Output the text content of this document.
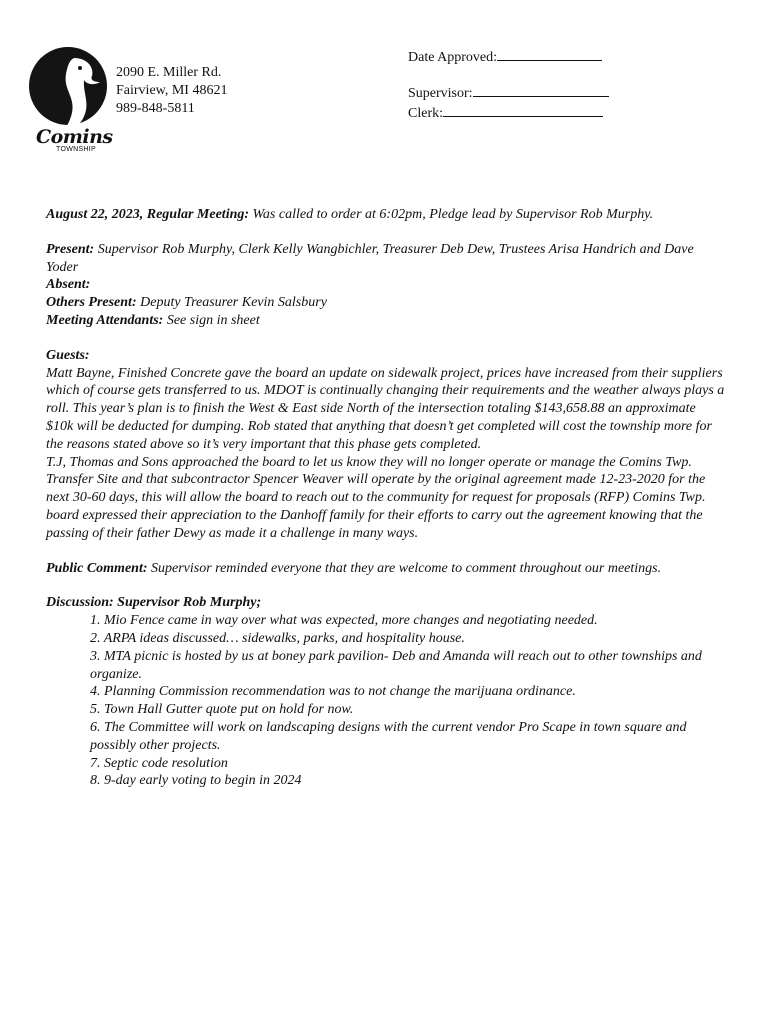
Comins
TOWNSHIP
2090 E. Miller Rd.
Fairview, MI 48621
989-848-5811
Date Approved:
Supervisor:
Clerk:

August 22, 2023, Regular Meeting: Was called to order at 6:02pm, Pledge lead by Supervisor Rob Murphy.

Present: Supervisor Rob Murphy, Clerk Kelly Wangbichler, Treasurer Deb Dew, Trustees Arisa Handrich and Dave Yoder
Absent:
Others Present: Deputy Treasurer Kevin Salsbury
Meeting Attendants: See sign in sheet
Guests:
Matt Bayne, Finished Concrete gave the board an update on sidewalk project, prices have increased from their suppliers which of course gets transferred to us. MDOT is continually changing their requirements and the weather always plays a roll. This year’s plan is to finish the West & East side North of the intersection totaling $143,658.88 an approximate $10k will be deducted for dumping. Rob stated that anything that doesn’t get completed will cost the township more for the reasons stated above so it’s very important that this phase gets completed.
T.J, Thomas and Sons approached the board to let us know they will no longer operate or manage the Comins Twp. Transfer Site and that subcontractor Spencer Weaver will operate by the original agreement made 12-23-2020 for the next 30-60 days, this will allow the board to reach out to the community for request for proposals (RFP) Comins Twp. board expressed their appreciation to the Danhoff family for their efforts to carry out the agreement knowing that the passing of their father Dewy as made it a challenge in many ways.

Public Comment: Supervisor reminded everyone that they are welcome to comment throughout our meetings.

Discussion: Supervisor Rob Murphy;
1. Mio Fence came in way over what was expected, more changes and negotiating needed.
2. ARPA ideas discussed… sidewalks, parks, and hospitality house.
3. MTA picnic is hosted by us at boney park pavilion- Deb and Amanda will reach out to other townships and organize.
4. Planning Commission recommendation was to not change the marijuana ordinance.
5. Town Hall Gutter quote put on hold for now.
6. The Committee will work on landscaping designs with the current vendor Pro Scape in town square and possibly other projects.
7. Septic code resolution
8. 9-day early voting to begin in 2024
